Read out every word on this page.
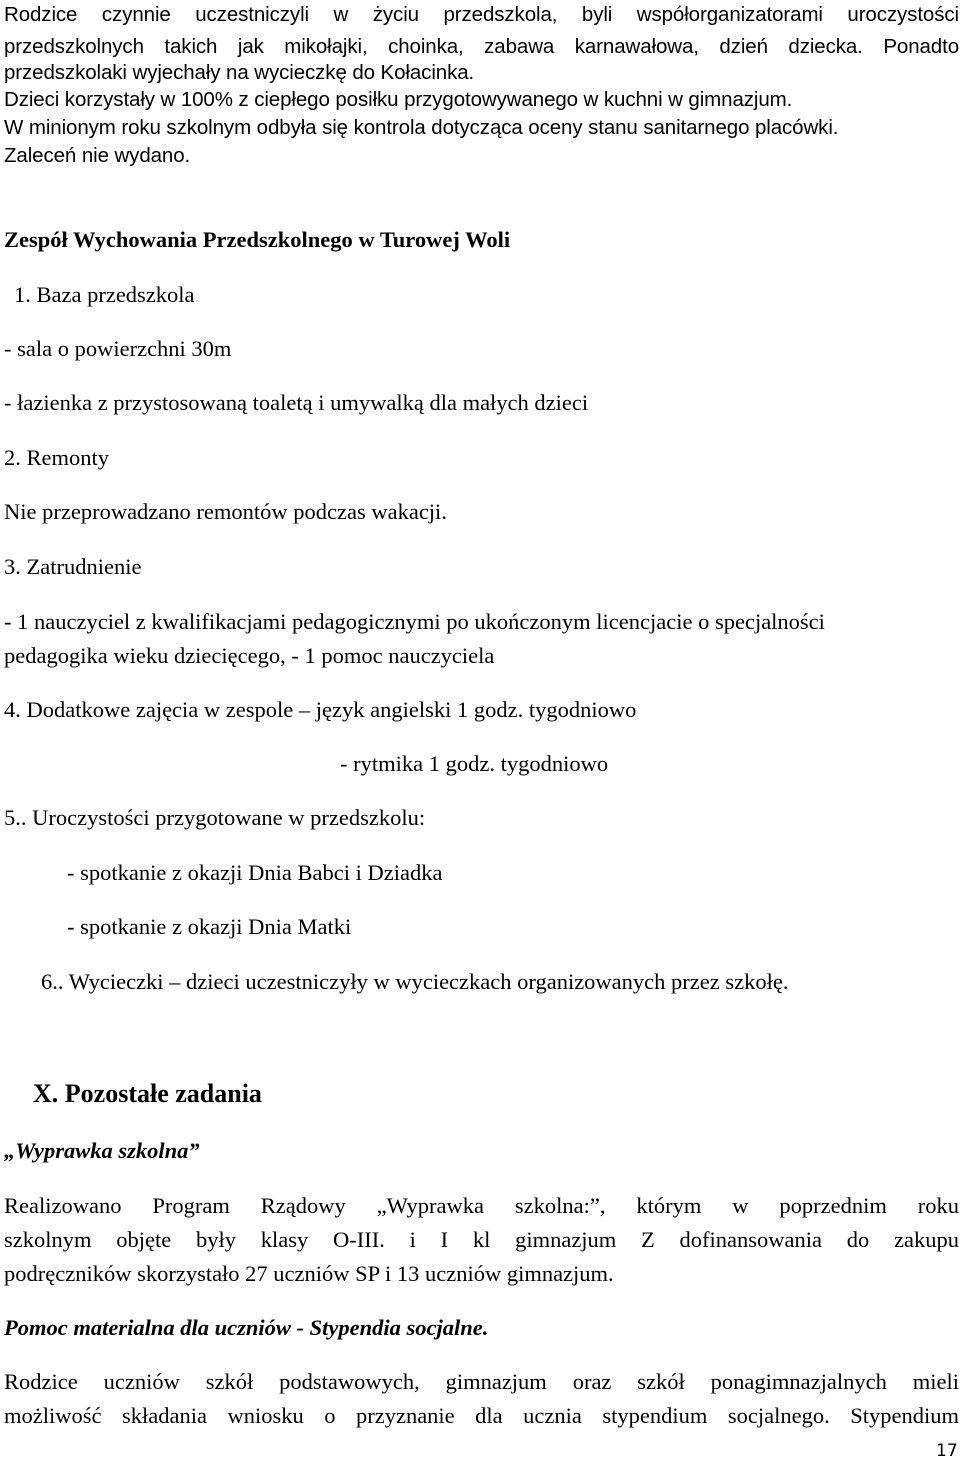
Rodzice czynnie uczestniczyli w życiu przedszkola, byli współorganizatorami uroczystości

przedszkolnych takich jak mikołajki, choinka, zabawa karnawałowa, dzień dziecka. Ponadto

przedszkolaki wyjechały na wycieczkę do Kołacinka.

Dzieci korzystały w 100% z ciepłego posiłku przygotowywanego w kuchni w gimnazjum.

W minionym roku szkolnym odbyła się kontrola dotycząca oceny stanu sanitarnego placówki.

Zaleceń nie wydano.

Zespół Wychowania Przedszkolnego w Turowej Woli

1. Baza przedszkola

- sala o powierzchni 30m

- łazienka z przystosowaną toaletą i umywalką dla małych dzieci

2. Remonty

Nie przeprowadzano remontów podczas wakacji.

3. Zatrudnienie

- 1 nauczyciel z kwalifikacjami pedagogicznymi po ukończonym licencjacie o specjalności

pedagogika wieku dziecięcego, - 1 pomoc nauczyciela

4. Dodatkowe zajęcia w zespole – język angielski 1 godz. tygodniowo

- rytmika 1 godz. tygodniowo

5.. Uroczystości przygotowane w przedszkolu:

- spotkanie z okazji Dnia Babci i Dziadka

- spotkanie z okazji Dnia Matki

6.. Wycieczki – dzieci uczestniczyły w wycieczkach organizowanych przez szkołę.

X. Pozostałe zadania

„Wyprawka szkolna”

Realizowano Program Rządowy „Wyprawka szkolna:”, którym w poprzednim roku

szkolnym objęte były klasy O-III. i I kl gimnazjum Z dofinansowania do zakupu

podręczników skorzystało 27 uczniów SP i 13 uczniów gimnazjum.

Pomoc materialna dla uczniów - Stypendia socjalne.

Rodzice uczniów szkół podstawowych, gimnazjum oraz szkół ponagimnazjalnych mieli

możliwość składania wniosku o przyznanie dla ucznia stypendium socjalnego. Stypendium

17
